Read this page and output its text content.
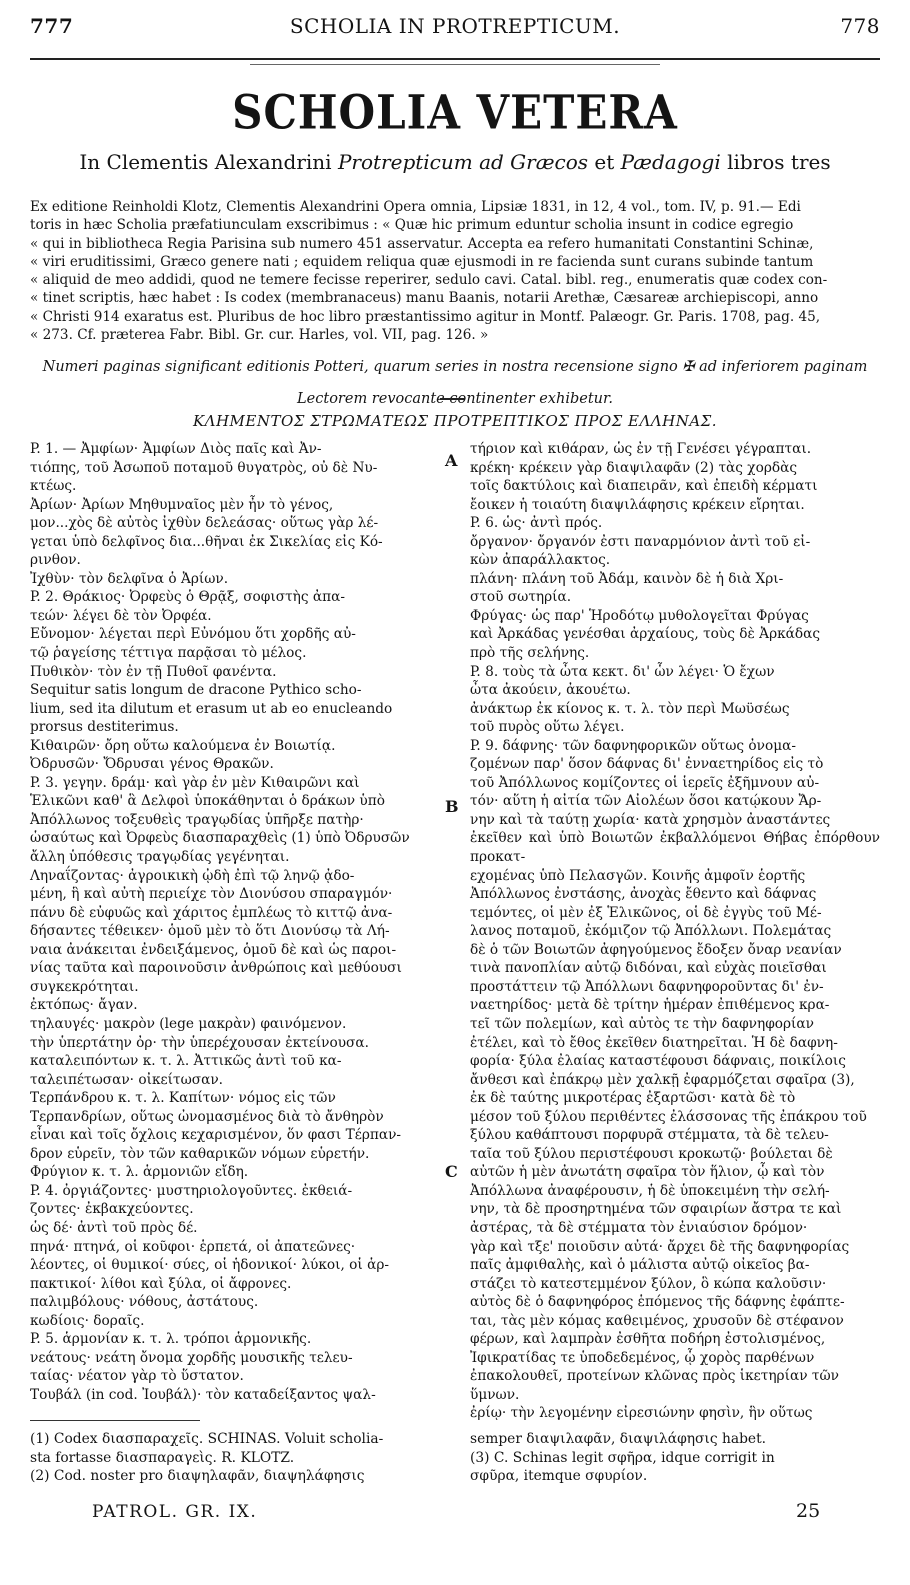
777	SCHOLIA IN PROTREPTICUM.	778
SCHOLIA VETERA
In Clementis Alexandrini Protrepticum ad Græcos et Pædagogi libros tres

Ex editione Reinholdi Klotz, Clementis Alexandrini Opera omnia, Lipsiæ 1831, in 12, 4 vol., tom. IV, p. 91.— Edi

toris in hæc Scholia præfatiunculam exscribimus : « Quæ hic primum eduntur scholia insunt in codice egregio

« qui in bibliotheca Regia Parisina sub numero 451 asservatur. Accepta ea refero humanitati Constantini Schinæ,

« viri eruditissimi, Græco genere nati ; equidem reliqua quæ ejusmodi in re facienda sunt curans subinde tantum

« aliquid de meo addidi, quod ne temere fecisse reperirer, sedulo cavi. Catal. bibl. reg., enumeratis quæ codex con-

« tinet scriptis, hæc habet : Is codex (membranaceus) manu Baanis, notarii Arethæ, Cæsareæ archiepiscopi, anno

« Christi 914 exaratus est. Pluribus de hoc libro præstantissimo agitur in Montf. Palæogr. Gr. Paris. 1708, pag. 45,

« 273. Cf. præterea Fabr. Bibl. Gr. cur. Harles, vol. VII, pag. 126. »

Numeri paginas significant editionis Potteri, quarum series in nostra recensione signo ✠ ad inferiorem paginam

Lectorem revocante continenter exhibetur.

ΚΛΗΜΕΝΤΟΣ ΣΤΡΩΜΑΤΕΩΣ ΠΡΟΤΡΕΠΤΙΚΟΣ ΠΡΟΣ ΕΛΛΗΝΑΣ.

P. 1. — Ἀμφίων· Ἀμφίων Διὸς παῖς καὶ Ἀν-

τιόπης, τοῦ Ἀσωποῦ ποταμοῦ θυγατρὸς, οὐ δὲ Νυ-

κτέως.

Ἀρίων· Ἀρίων Μηθυμναῖος μὲν ἦν τὸ γένος,

μον...χὸς δὲ αὐτὸς ἰχθὺν δελεάσας· οὕτως γὰρ λέ-

γεται ὑπὸ δελφῖνος δια...θῆναι ἐκ Σικελίας εἰς Κό-

ρινθον.

Ἰχθὺν· τὸν δελφῖνα ὁ Ἀρίων.

P. 2. Θράκιος· Ὀρφεὺς ὁ Θρᾷξ, σοφιστὴς ἀπα-

τεών· λέγει δὲ τὸν Ὀρφέα.

Εὔνομον· λέγεται περὶ Εὐνόμου ὅτι χορδῆς αὐ-

τῷ ῥαγείσης τέττιγα παρᾷσαι τὸ μέλος.

Πυθικὸν· τὸν ἐν τῇ Πυθοῖ φανέντα.

Sequitur satis longum de dracone Pythico scho-

lium, sed ita dilutum et erasum ut ab eo enucleando

prorsus destiterimus.

Κιθαιρῶν· ὄρη οὕτω καλούμενα ἐν Βοιωτίᾳ.

Ὀδρυσῶν· Ὄδρυσαι γένος Θρακῶν.

P. 3. γεγην. δράμ· καὶ γὰρ ἐν μὲν Κιθαιρῶνι καὶ

Ἑλικῶνι καθ' ἃ Δελφοὶ ὑποκάθηνται ὁ δράκων ὑπὸ

Ἀπόλλωνος τοξευθεὶς τραγῳδίας ὑπῆρξε πατὴρ·

ὡσαύτως καὶ Ὀρφεὺς διασπαραχθεὶς (1) ὑπὸ Ὀδρυσῶν

ἄλλη ὑπόθεσις τραγῳδίας γεγένηται.

Ληναΐζοντας· ἀγροικικὴ ᾠδὴ ἐπὶ τῷ ληνῷ ᾀδο-

μένη, ἣ καὶ αὐτὴ περιείχε τὸν Διονύσου σπαραγμόν·

πάνυ δὲ εὐφυῶς καὶ χάριτος ἐμπλέως τὸ κιττῷ ἀνα-

δήσαντες τέθεικεν· ὁμοῦ μὲν τὸ ὅτι Διονύσῳ τὰ Λή-

ναια ἀνάκειται ἐνδειξάμενος, ὁμοῦ δὲ καὶ ὡς παροι-

νίας ταῦτα καὶ παροινοῦσιν ἀνθρώποις καὶ μεθύουσι

συγκεκρότηται.

ἐκτόπως· ἄγαν.

τηλαυγές· μακρὸν (lege μακρὰν) φαινόμενον.

τὴν ὑπερτάτην ὀρ· τὴν ὑπερέχουσαν ἐκτείνουσα.

καταλειπόντων κ. τ. λ. Ἀττικῶς ἀντὶ τοῦ κα-

ταλειπέτωσαν· οἰκείτωσαν.

Τερπάνδρου κ. τ. λ. Καπίτων· νόμος εἰς τῶν

Τερπανδρίων, οὕτως ὠνομασμένος διὰ τὸ ἄνθηρὸν

εἶναι καὶ τοῖς ὄχλοις κεχαρισμένον, ὅν φασι Τέρπαν-

δρον εὑρεῖν, τὸν τῶν καθαρικῶν νόμων εὑρετήν.

Φρύγιον κ. τ. λ. ἁρμονιῶν εἴδη.

P. 4. ὀργιάζοντες· μυστηριολογοῦντες. ἐκθειά-

ζοντες· ἐκβακχεύοντες.

ὡς δέ· ἀντὶ τοῦ πρὸς δέ.

πηνά· πτηνά, οἱ κοῦφοι· ἑρπετά, οἱ ἀπατεῶνες·

λέοντες, οἱ θυμικοί· σύες, οἱ ἡδονικοί· λύκοι, οἱ ἁρ-

πακτικοί· λίθοι καὶ ξύλα, οἱ ἄφρονες.

παλιμβόλους· νόθους, ἀστάτους.

κωδίοις· δοραῖς.

P. 5. ἁρμονίαν κ. τ. λ. τρόποι ἁρμονικῆς.

νεάτους· νεάτη ὄνομα χορδῆς μουσικῆς τελευ-

ταίας· νέατον γὰρ τὸ ὕστατον.

Τουβάλ (in cod. Ἰουβάλ)· τὸν καταδείξαντος ψαλ-

τήριον καὶ κιθάραν, ὡς ἐν τῇ Γενέσει γέγραπται.

κρέκη· κρέκειν γὰρ διαψιλαφᾶν (2) τὰς χορδὰς

τοῖς δακτύλοις καὶ διαπειρᾶν, καὶ ἐπειδὴ κέρματι

ἔοικεν ἡ τοιαύτη διαψιλάφησις κρέκειν εἴρηται.

P. 6. ὡς· ἀντὶ πρός.

ὄργανον· ὄργανόν ἐστι παναρμόνιον ἀντὶ τοῦ εἰ-

κὼν ἀπαράλλακτος.

πλάνη· πλάνη τοῦ Ἀδάμ, καινὸν δὲ ἡ διὰ Χρι-

στοῦ σωτηρία.

Φρύγας· ὡς παρ' Ἡροδότῳ μυθολογεῖται Φρύγας

καὶ Ἀρκάδας γενέσθαι ἀρχαίους, τοὺς δὲ Ἀρκάδας

πρὸ τῆς σελήνης.

P. 8. τοὺς τὰ ὦτα κεκτ. δι' ὧν λέγει· Ὁ ἔχων

ὦτα ἀκούειν, ἀκουέτω.

ἀνάκτωρ ἐκ κίονος κ. τ. λ. τὸν περὶ Μωϋσέως

τοῦ πυρὸς οὕτω λέγει.

P. 9. δάφνης· τῶν δαφνηφορικῶν οὕτως ὀνομα-

ζομένων παρ' ὅσον δάφνας δι' ἐνναετηρίδος εἰς τὸ

τοῦ Ἀπόλλωνος κομίζοντες οἱ ἱερεῖς ἐξῆμνουν αὐ-

τόν· αὕτη ἡ αἰτία τῶν Αἰολέων ὅσοι κατῴκουν Ἄρ-

νην καὶ τὰ ταύτῃ χωρία· κατὰ χρησμὸν ἀναστάντες

ἐκεῖθεν καὶ ὑπὸ Βοιωτῶν ἐκβαλλόμενοι Θήβας ἐπόρθουν προκατ-

εχομένας ὑπὸ Πελασγῶν. Κοινῆς ἀμφοῖν ἑορτῆς

Ἀπόλλωνος ἐνστάσης, ἀνοχὰς ἔθεντο καὶ δάφνας

τεμόντες, οἱ μὲν ἐξ Ἑλικῶνος, οἱ δὲ ἐγγὺς τοῦ Μέ-

λανος ποταμοῦ, ἐκόμιζον τῷ Ἀπόλλωνι. Πολεμάτας

δὲ ὁ τῶν Βοιωτῶν ἀφηγούμενος ἔδοξεν ὄναρ νεανίαν

τινὰ πανοπλίαν αὐτῷ διδόναι, καὶ εὐχὰς ποιεῖσθαι

προστάττειν τῷ Ἀπόλλωνι δαφνηφοροῦντας δι' ἐν-

ναετηρίδος· μετὰ δὲ τρίτην ἡμέραν ἐπιθέμενος κρα-

τεῖ τῶν πολεμίων, καὶ αὐτὸς τε τὴν δαφνηφορίαν

ἐτέλει, καὶ τὸ ἔθος ἐκεῖθεν διατηρεῖται. Ἡ δὲ δαφνη-

φορία· ξύλα ἐλαίας καταστέφουσι δάφναις, ποικίλοις

ἄνθεσι καὶ ἐπάκρῳ μὲν χαλκῇ ἐφαρμόζεται σφαῖρα (3),

ἐκ δὲ ταύτης μικροτέρας ἐξαρτῶσι· κατὰ δὲ τὸ

μέσον τοῦ ξύλου περιθέντες ἐλάσσονας τῆς ἐπάκρου τοῦ

ξύλου καθάπτουσι πορφυρᾶ στέμματα, τὰ δὲ τελευ-

ταῖα τοῦ ξύλου περιστέφουσι κροκωτῷ· βούλεται δὲ

αὐτῶν ἡ μὲν ἀνωτάτη σφαῖρα τὸν ἥλιον, ᾧ καὶ τὸν

Ἀπόλλωνα ἀναφέρουσιν, ἡ δὲ ὑποκειμένη τὴν σελή-

νην, τὰ δὲ προσηρτημένα τῶν σφαιρίων ἄστρα τε καὶ

ἀστέρας, τὰ δὲ στέμματα τὸν ἐνιαύσιον δρόμον·

γὰρ καὶ τξε' ποιοῦσιν αὐτά· ἄρχει δὲ τῆς δαφνηφορίας

παῖς ἀμφιθαλὴς, καὶ ὁ μάλιστα αὐτῷ οἰκεῖος βα-

στάζει τὸ κατεστεμμένον ξύλον, ὃ κώπα καλοῦσιν·

αὐτὸς δὲ ὁ δαφνηφόρος ἑπόμενος τῆς δάφνης ἐφάπτε-

ται, τὰς μὲν κόμας καθειμένος, χρυσοῦν δὲ στέφανον

φέρων, καὶ λαμπρὰν ἐσθῆτα ποδήρη ἐστολισμένος,

Ἰφικρατίδας τε ὑποδεδεμένος, ᾧ χορὸς παρθένων

ἐπακολουθεῖ, προτείνων κλῶνας πρὸς ἱκετηρίαν τῶν

ὕμνων.

ἐρίῳ· τὴν λεγομένην εἰρεσιώνην φησὶν, ἣν οὕτως

A
B
C

(1) Codex διασπαραχεῖς. SCHINAS. Voluit scholia-

sta fortasse διασπαραγεὶς. R. KLOTZ.

(2) Cod. noster pro διαψηλαφᾶν, διαψηλάφησις

semper διαψιλαφᾶν, διαψιλάφησις habet.

(3) C. Schinas legit σφῆρα, idque corrigit in

σφῦρα, itemque σφυρίον.

PATROL. GR. IX.	25
